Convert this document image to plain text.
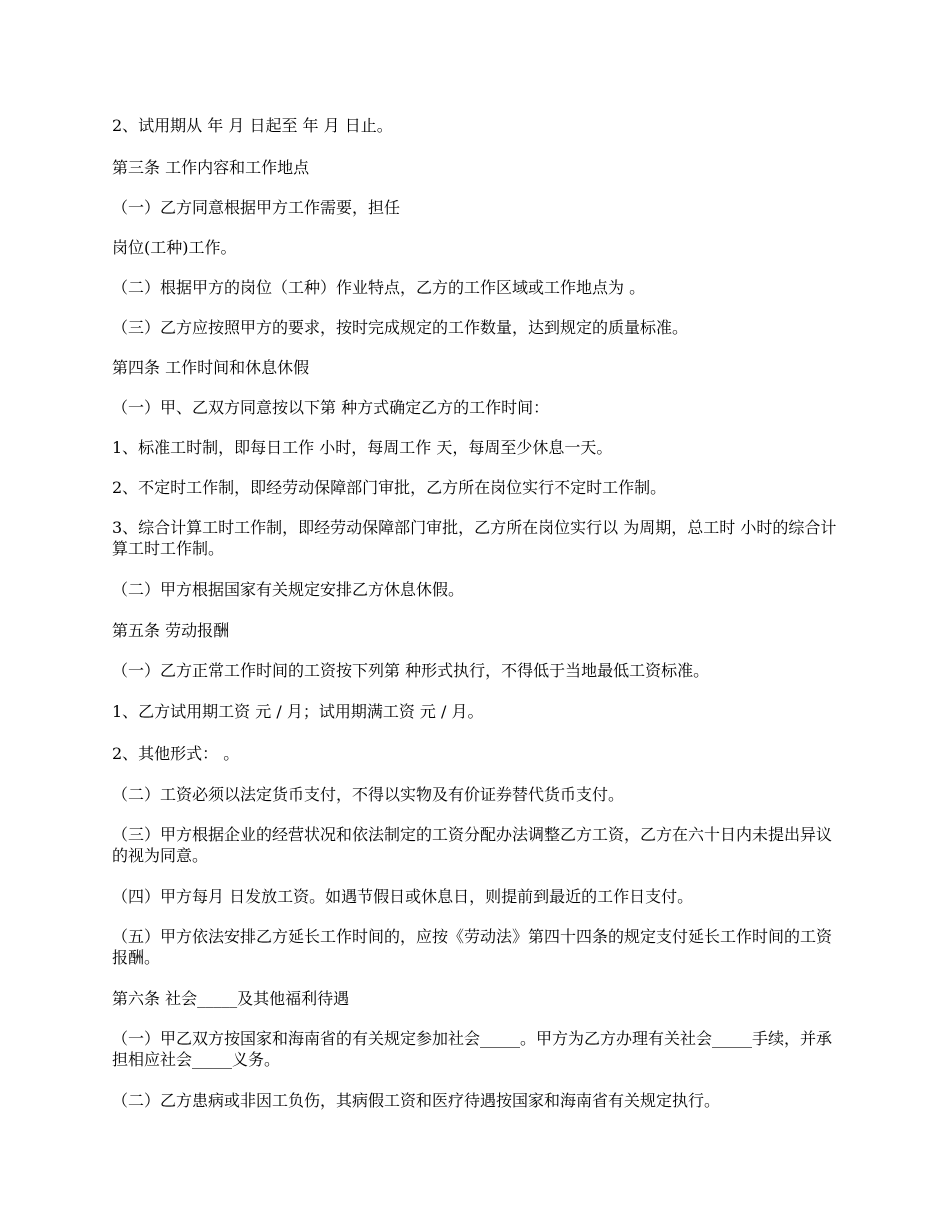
2、试用期从 年 月 日起至 年 月 日止。

第三条 工作内容和工作地点

（一）乙方同意根据甲方工作需要，担任

岗位(工种)工作。

（二）根据甲方的岗位（工种）作业特点，乙方的工作区域或工作地点为 。

（三）乙方应按照甲方的要求，按时完成规定的工作数量，达到规定的质量标准。

第四条 工作时间和休息休假

（一）甲、乙双方同意按以下第 种方式确定乙方的工作时间：

1、标准工时制，即每日工作 小时，每周工作 天，每周至少休息一天。

2、不定时工作制，即经劳动保障部门审批，乙方所在岗位实行不定时工作制。

3、综合计算工时工作制，即经劳动保障部门审批，乙方所在岗位实行以 为周期，总工时 小时的综合计算工时工作制。

（二）甲方根据国家有关规定安排乙方休息休假。

第五条 劳动报酬

（一）乙方正常工作时间的工资按下列第 种形式执行，不得低于当地最低工资标准。

1、乙方试用期工资 元 / 月；试用期满工资 元 / 月。

2、其他形式： 。

（二）工资必须以法定货币支付，不得以实物及有价证券替代货币支付。

（三）甲方根据企业的经营状况和依法制定的工资分配办法调整乙方工资，乙方在六十日内未提出异议的视为同意。

（四）甲方每月 日发放工资。如遇节假日或休息日，则提前到最近的工作日支付。

（五）甲方依法安排乙方延长工作时间的，应按《劳动法》第四十四条的规定支付延长工作时间的工资报酬。

第六条 社会_____及其他福利待遇

（一）甲乙双方按国家和海南省的有关规定参加社会_____。甲方为乙方办理有关社会_____手续，并承担相应社会_____义务。

（二）乙方患病或非因工负伤，其病假工资和医疗待遇按国家和海南省有关规定执行。
